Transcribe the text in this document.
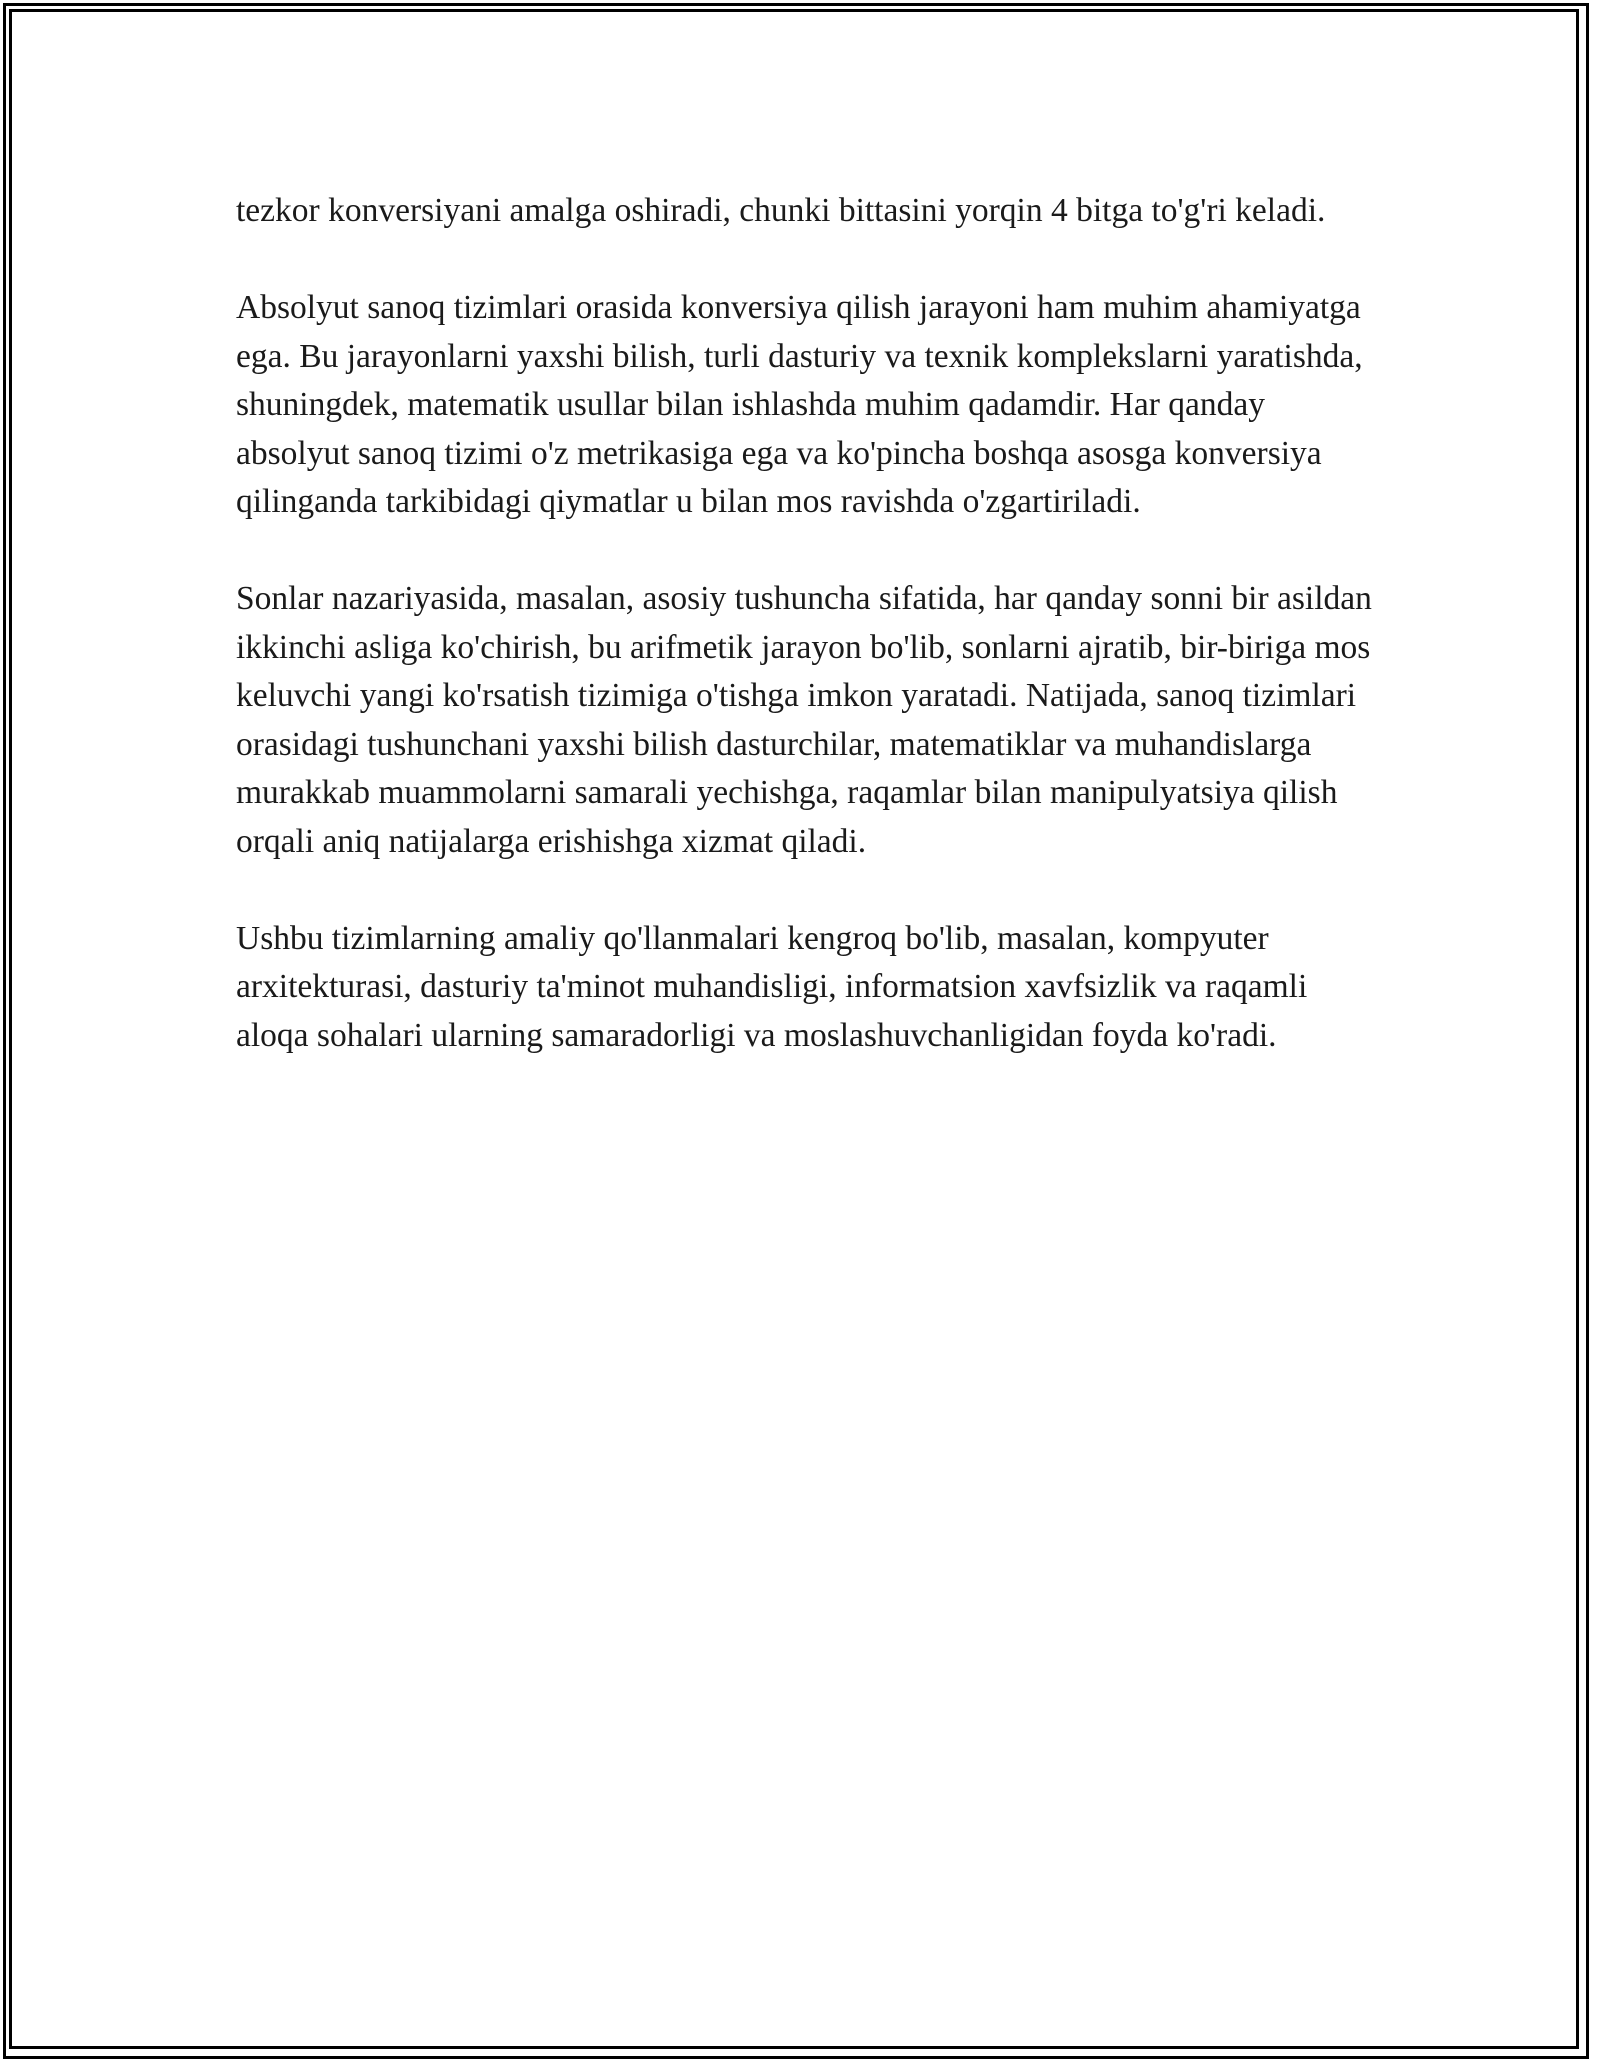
tezkor konversiyani amalga oshiradi, chunki bittasini yorqin 4 bitga to'g'ri keladi.

Absolyut sanoq tizimlari orasida konversiya qilish jarayoni ham muhim ahamiyatga ega. Bu jarayonlarni yaxshi bilish, turli dasturiy va texnik komplekslarni yaratishda, shuningdek, matematik usullar bilan ishlashda muhim qadamdir. Har qanday absolyut sanoq tizimi o'z metrikasiga ega va ko'pincha boshqa asosga konversiya qilinganda tarkibidagi qiymatlar u bilan mos ravishda o'zgartiriladi.

Sonlar nazariyasida, masalan, asosiy tushuncha sifatida, har qanday sonni bir asildan ikkinchi asliga ko'chirish, bu arifmetik jarayon bo'lib, sonlarni ajratib, bir-biriga mos keluvchi yangi ko'rsatish tizimiga o'tishga imkon yaratadi. Natijada, sanoq tizimlari orasidagi tushunchani yaxshi bilish dasturchilar, matematiklar va muhandislarga murakkab muammolarni samarali yechishga, raqamlar bilan manipulyatsiya qilish orqali aniq natijalarga erishishga xizmat qiladi.

Ushbu tizimlarning amaliy qo'llanmalari kengroq bo'lib, masalan, kompyuter arxitekturasi, dasturiy ta'minot muhandisligi, informatsion xavfsizlik va raqamli aloqa sohalari ularning samaradorligi va moslashuvchanligidan foyda ko'radi.
